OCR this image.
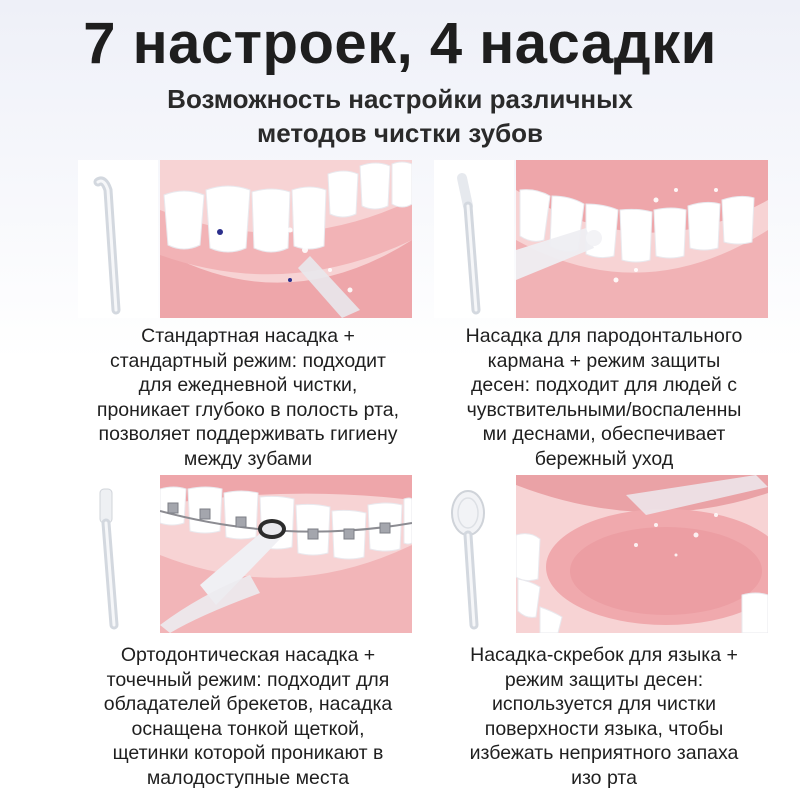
7 настроек, 4 насадки
Возможность настройки различных
методов чистки зубов
Стандартная насадка +
стандартный режим: подходит
для ежедневной чистки,
проникает глубоко в полость рта,
позволяет поддерживать гигиену
между зубами
Насадка для пародонтального
кармана + режим защиты
десен: подходит для людей с
чувствительными/воспаленны
ми деснами, обеспечивает
бережный уход
Ортодонтическая насадка +
точечный режим: подходит для
обладателей брекетов, насадка
оснащена тонкой щеткой,
щетинки которой проникают в
малодоступные места
Насадка-скребок для языка +
режим защиты десен:
используется для чистки
поверхности языка, чтобы
избежать неприятного запаха
изо рта
